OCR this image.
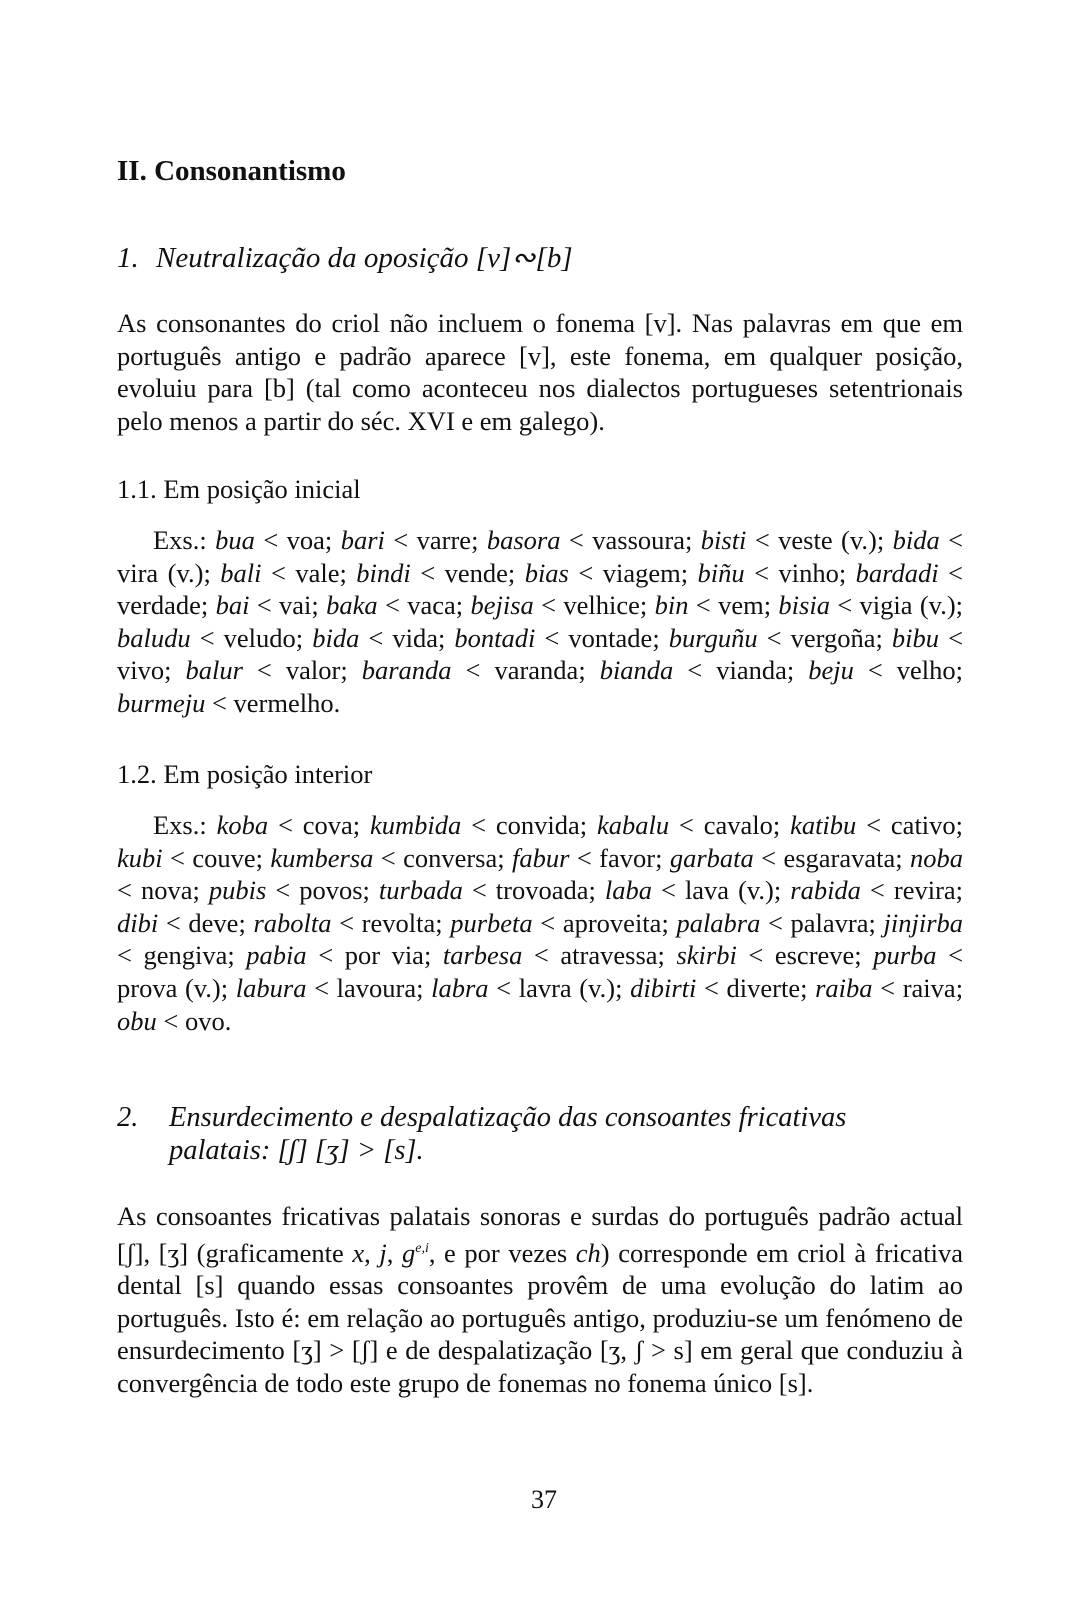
II. Consonantismo
1. Neutralização da oposição [v]∾[b]

As consonantes do criol não incluem o fonema [v]. Nas palavras em que em português antigo e padrão aparece [v], este fonema, em qualquer posição, evoluiu para [b] (tal como aconteceu nos dialectos portugueses setentrionais pelo menos a partir do séc. XVI e em galego).

1.1. Em posição inicial

Exs.: bua < voa; bari < varre; basora < vassoura; bisti < veste (v.); bida < vira (v.); bali < vale; bindi < vende; bias < viagem; biñu < vinho; bardadi < verdade; bai < vai; baka < vaca; bejisa < velhice; bin < vem; bisia < vigia (v.); baludu < veludo; bida < vida; bontadi < vontade; burguñu < vergoña; bibu < vivo; balur < valor; baranda < varanda; bianda < vianda; beju < velho; burmeju < vermelho.

1.2. Em posição interior

Exs.: koba < cova; kumbida < convida; kabalu < cavalo; katibu < cativo; kubi < couve; kumbersa < conversa; fabur < favor; garbata < esgaravata; noba < nova; pubis < povos; turbada < trovoada; laba < lava (v.); rabida < revira; dibi < deve; rabolta < revolta; purbeta < aproveita; palabra < palavra; jinjirba < gengiva; pabia < por via; tarbesa < atravessa; skirbi < escreve; purba < prova (v.); labura < lavoura; labra < lavra (v.); dibirti < diverte; raiba < raiva; obu < ovo.

2. Ensurdecimento e despalatização das consoantes fricativas
palatais: [ʃ] [ʒ] > [s].

As consoantes fricativas palatais sonoras e surdas do português padrão actual [ʃ], [ʒ] (graficamente x, j, $g^{e,i}$, e por vezes ch) corresponde em criol à fricativa dental [s] quando essas consoantes provêm de uma evolução do latim ao português. Isto é: em relação ao português antigo, produziu-se um fenómeno de ensurdecimento [ʒ] > [ʃ] e de despalatização [ʒ, ʃ > s] em geral que conduziu à convergência de todo este grupo de fonemas no fonema único [s].

37
